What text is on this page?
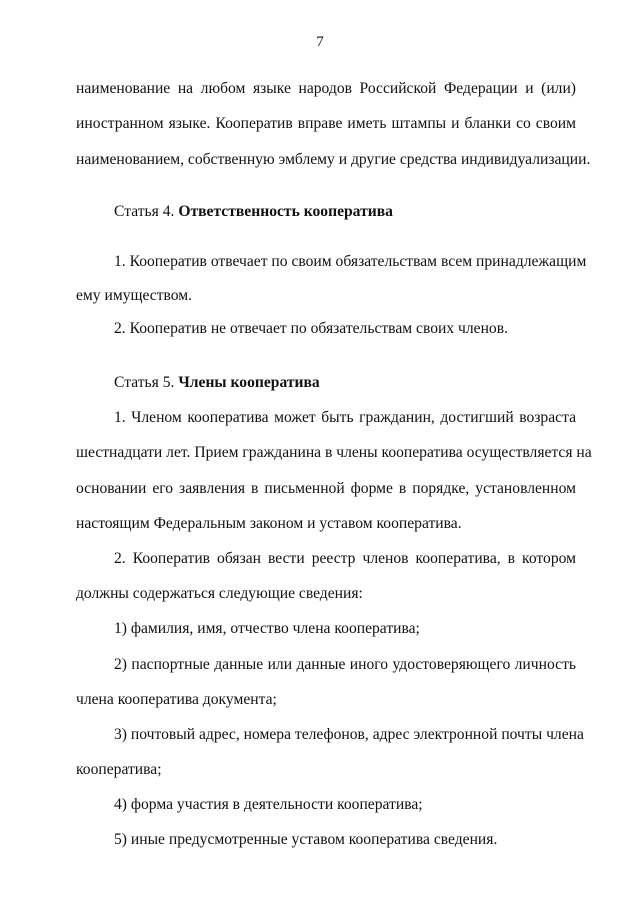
7
наименование на любом языке народов Российской Федерации и (или)
иностранном языке. Кооператив вправе иметь штампы и бланки со своим
наименованием, собственную эмблему и другие средства индивидуализации.
Статья 4. Ответственность кооператива
1. Кооператив отвечает по своим обязательствам всем принадлежащим
ему имуществом.
2. Кооператив не отвечает по обязательствам своих членов.
Статья 5. Члены кооператива
1. Членом кооператива может быть гражданин, достигший возраста
шестнадцати лет. Прием гражданина в члены кооператива осуществляется на
основании его заявления в письменной форме в порядке, установленном
настоящим Федеральным законом и уставом кооператива.
2. Кооператив обязан вести реестр членов кооператива, в котором
должны содержаться следующие сведения:
1) фамилия, имя, отчество члена кооператива;
2) паспортные данные или данные иного удостоверяющего личность
члена кооператива документа;
3) почтовый адрес, номера телефонов, адрес электронной почты члена
кооператива;
4) форма участия в деятельности кооператива;
5) иные предусмотренные уставом кооператива сведения.
